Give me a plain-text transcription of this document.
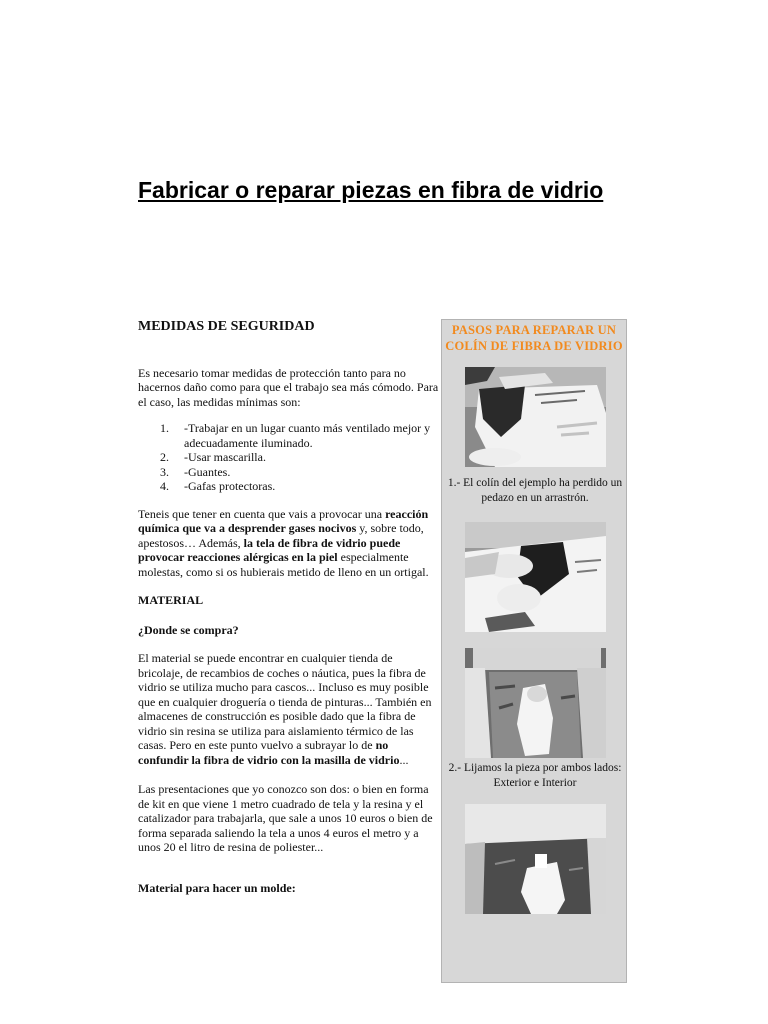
Fabricar o reparar piezas en fibra de vidrio

MEDIDAS DE SEGURIDAD

Es necesario tomar medidas de protección tanto para no hacernos daño como para que el trabajo sea más cómodo. Para el caso, las medidas mínimas son:

1. -Trabajar en un lugar cuanto más ventilado mejor y adecuadamente iluminado.
2. -Usar mascarilla.
3. -Guantes.
4. -Gafas protectoras.

Teneis que tener en cuenta que vais a provocar una reacción química que va a desprender gases nocivos y, sobre todo, apestosos… Además, la tela de fibra de vidrio puede provocar reacciones alérgicas en la piel especialmente molestas, como si os hubierais metido de lleno en un ortigal.

MATERIAL

¿Donde se compra?

El material se puede encontrar en cualquier tienda de bricolaje, de recambios de coches o náutica, pues la fibra de vidrio se utiliza mucho para cascos... Incluso es muy posible que en cualquier droguería o tienda de pinturas... También en almacenes de construcción es posible dado que la fibra de vidrio sin resina se utiliza para aislamiento térmico de las casas. Pero en este punto vuelvo a subrayar lo de no confundir la fibra de vidrio con la masilla de vidrio...

Las presentaciones que yo conozco son dos: o bien en forma de kit en que viene 1 metro cuadrado de tela y la resina y el catalizador para trabajarla, que sale a unos 10 euros o bien de forma separada saliendo la tela a unos 4 euros el metro y a unos 20 el litro de resina de poliester...

Material para hacer un molde:

PASOS PARA REPARAR UN COLÍN DE FIBRA DE VIDRIO

1.- El colín del ejemplo ha perdido un pedazo en un arrastrón.
2.- Lijamos la pieza por ambos lados: Exterior e Interior
